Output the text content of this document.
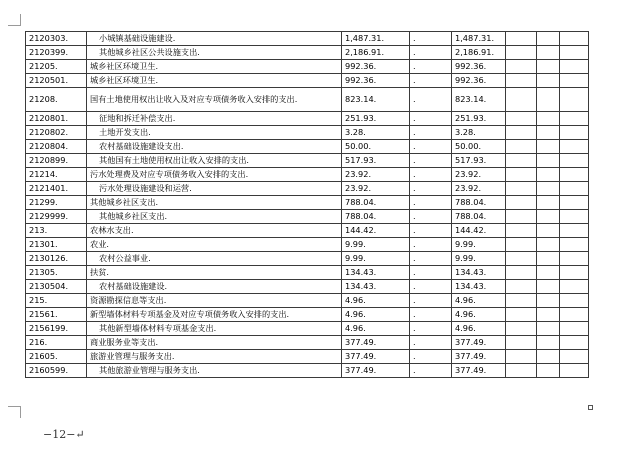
2120303.	小城镇基础设施建设.	1,487.31.	.	1,487.31.			
2120399.	其他城乡社区公共设施支出.	2,186.91.	.	2,186.91.			
21205.	城乡社区环境卫生.	992.36.	.	992.36.			
2120501.	城乡社区环境卫生.	992.36.	.	992.36.			
21208.	国有土地使用权出让收入及对应专项债务收入安排的支出.	823.14.	.	823.14.			
2120801.	征地和拆迁补偿支出.	251.93.	.	251.93.			
2120802.	土地开发支出.	3.28.	.	3.28.			
2120804.	农村基础设施建设支出.	50.00.	.	50.00.			
2120899.	其他国有土地使用权出让收入安排的支出.	517.93.	.	517.93.			
21214.	污水处理费及对应专项债务收入安排的支出.	23.92.	.	23.92.			
2121401.	污水处理设施建设和运营.	23.92.	.	23.92.			
21299.	其他城乡社区支出.	788.04.	.	788.04.			
2129999.	其他城乡社区支出.	788.04.	.	788.04.			
213.	农林水支出.	144.42.	.	144.42.			
21301.	农业.	9.99.	.	9.99.			
2130126.	农村公益事业.	9.99.	.	9.99.			
21305.	扶贫.	134.43.	.	134.43.			
2130504.	农村基础设施建设.	134.43.	.	134.43.			
215.	资源勘探信息等支出.	4.96.	.	4.96.			
21561.	新型墙体材料专项基金及对应专项债务收入安排的支出.	4.96.	.	4.96.			
2156199.	其他新型墙体材料专项基金支出.	4.96.	.	4.96.			
216.	商业服务业等支出.	377.49.	.	377.49.			
21605.	旅游业管理与服务支出.	377.49.	.	377.49.			
2160599.	其他旅游业管理与服务支出.	377.49.	.	377.49.			
−12−↵
